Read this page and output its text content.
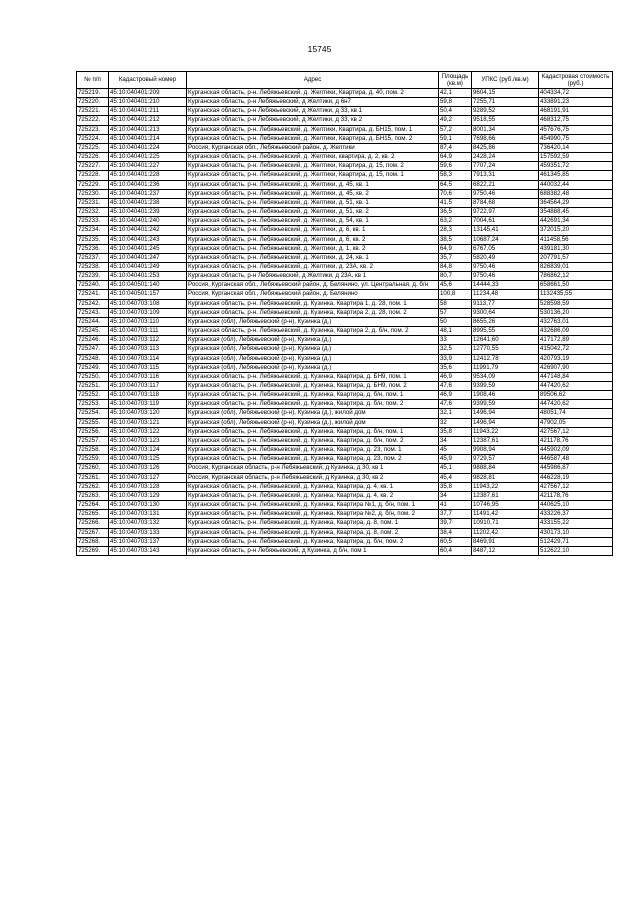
15745
№ п/п	Кадастровый номер	Адрес	Площадь (кв.м)	УПКС (руб./кв.м)	Кадастровая стоимость (руб.)
725219.	45:10:040401:209	Курганская область, р-н. Лебяжьевский, д. Желтики, Квартира, д. 40, пом. 2	42,1	9604,15	404334,72
725220.	45:10:040401:210	Курганская область, р-н Лебяжьевский, д Желтики, д 6н7	59,8	7255,71	433891,23
725221.	45:10:040401:211	Курганская область, р-н Лебяжьевский, д Желтики, д 33, кв 1	50,4	9289,52	468191,91
725222.	45:10:040401:212	Курганская область, р-н Лебяжьевский, д Желтики, д 33, кв 2	49,2	9518,55	468312,75
725223.	45:10:040401:213	Курганская область, р-н. Лебяжьевский, д. Желтики, Квартира, д. БН15, пом. 1	57,2	8001,34	457676,75
725224.	45:10:040401:214	Курганская область, р-н. Лебяжьевский, д. Желтики, Квартира, д. БН15, пом. 2	59,1	7698,66	454990,75
725225.	45:10:040401:224	Россия, Курганская обл., Лебяжьевский район, д. Желтики	87,4	8425,86	736420,14
725226.	45:10:040401:225	Курганская область, р-н. Лебяжьевский, д. Желтики, квартира, д. 2, кв. 2	64,9	2428,24	157592,59
725227.	45:10:040401:227	Курганская область, р-н. Лебяжьевский, д. Желтики, Квартира, д. 15, пом. 2	59,6	7707,24	459351,72
725228.	45:10:040401:228	Курганская область, р-н. Лебяжьевский, д. Желтики, Квартира, д. 15, пом. 1	58,3	7913,31	461345,85
725229.	45:10:040401:236	Курганская область, р-н. Лебяжьевский, д. Желтики, д. 45, кв. 1	64,5	6822,21	440032,44
725230.	45:10:040401:237	Курганская область, р-н. Лебяжьевский, д. Желтики, д. 45, кв. 2	70,6	9750,46	688382,48
725231.	45:10:040401:238	Курганская область, р-н. Лебяжьевский, д. Желтики, д. 51, кв. 1	41,5	8784,68	364564,29
725232.	45:10:040401:239	Курганская область, р-н. Лебяжьевский, д. Желтики, д. 51, кв. 2	36,5	9722,97	354888,45
725233.	45:10:040401:240	Курганская область, р-н. Лебяжьевский, д. Желтики, д. 54, кв. 1	63,2	7004,61	442691,34
725234.	45:10:040401:242	Курганская область, р-н. Лебяжьевский, д. Желтики, д. 6, кв. 1	28,3	13145,41	372015,20
725235.	45:10:040401:243	Курганская область, р-н. Лебяжьевский, д. Желтики, д. 6, кв. 2	38,5	10687,24	411458,56
725236.	45:10:040401:245	Курганская область, р-н. Лебяжьевский, д. Желтики, д. 1, кв. 2	64,9	6767,05	439181,30
725237.	45:10:040401:247	Курганская область, р-н. Лебяжьевский, д. Желтики, д. 24, кв. 1	35,7	5820,49	207791,57
725238.	45:10:040401:249	Курганская область, р-н. Лебяжьевский, д. Желтики, д. 23А, кв. 2	84,8	9750,46	826839,01
725239.	45:10:040401:253	Курганская область, р-н Лебяжьевский, д Желтики, д 23А, кв 1	80,7	9750,46	786862,12
725240.	45:10:040501:140	Россия, Курганская обл., Лебяжьевский район, д. Белянино, ул. Центральная, д. б/н	45,6	14444,33	658661,50
725241.	45:10:040501:157	Россия, Курганская обл., Лебяжьевский район, д. Белянино	100,8	11234,48	1132435,55
725242.	45:10:040703:108	Курганская область, р-н. Лебяжьевский, д. Кузинка, Квартира 1, д. 28, пом. 1	58	9113,77	528598,59
725243.	45:10:040703:109	Курганская область, р-н. Лебяжьевский, д. Кузинка, Квартира 2, д. 28, пом. 2	57	9300,64	530136,20
725244.	45:10:040703:110	Курганская (обл), Лебяжьевский (р-н), Кузинка (д.)	50	8655,26	432763,01
725245.	45:10:040703:111	Курганская область, р-н. Лебяжьевский, д. Кузинка, Квартира 2, д. б/н, пом. 2	48,1	8995,55	432686,09
725246.	45:10:040703:112	Курганская (обл), Лебяжьевский (р-н), Кузинка (д.)	33	12641,60	417172,89
725247.	45:10:040703:113	Курганская (обл), Лебяжьевский (р-н), Кузинка (д.)	32,5	12770,55	415042,72
725248.	45:10:040703:114	Курганская (обл), Лебяжьевский (р-н), Кузинка (д.)	33,9	12412,78	420793,19
725249.	45:10:040703:115	Курганская (обл), Лебяжьевский (р-н), Кузинка (д.)	35,6	11991,79	426907,90
725250.	45:10:040703:116	Курганская область, р-н. Лебяжьевский, д. Кузинка, Квартира, д. БН9, пом. 1	46,9	9534,09	447148,84
725251.	45:10:040703:117	Курганская область, р-н. Лебяжьевский, д. Кузинка, Квартира, д. БН9, пом. 2	47,6	9399,59	447420,62
725252.	45:10:040703:118	Курганская область, р-н. Лебяжьевский, д. Кузинка, Квартира, д. б/н, пом. 1	46,9	1908,46	89506,62
725253.	45:10:040703:119	Курганская область, р-н. Лебяжьевский, д. Кузинка, Квартира, д. б/н, пом. 2	47,6	9399,59	447420,62
725254.	45:10:040703:120	Курганская (обл), Лебяжьевский (р-н), Кузинка (д.), жилой дом	32,1	1496,94	48051,74
725255.	45:10:040703:121	Курганская (обл), Лебяжьевский (р-н), Кузинка (д.), жилой дом	32	1496,94	47902,05
725256.	45:10:040703:122	Курганская область, р-н. Лебяжьевский, д. Кузинка, Квартира, д. б/н, пом. 1	35,8	11943,22	427567,12
725257.	45:10:040703:123	Курганская область, р-н. Лебяжьевский, д. Кузинка, Квартира, д. б/н, пом. 2	34	12387,61	421178,76
725258.	45:10:040703:124	Курганская область, р-н. Лебяжьевский, д. Кузинка, Квартира, д. 23, пом. 1	45	9908,94	445902,09
725259.	45:10:040703:125	Курганская область, р-н. Лебяжьевский, д. Кузинка, Квартира, д. 23, пом. 2	45,9	9729,57	446587,48
725260.	45:10:040703:126	Россия, Курганская область, р-н Лебяжьевский, д Кузинка, д 30, кв 1	45,1	9888,84	445986,87
725261.	45:10:040703:127	Россия, Курганская область, р-н Лебяжьевский, д Кузинка, д 30, кв 2	45,4	9828,81	446228,19
725262.	45:10:040703:128	Курганская область, р-н. Лебяжьевский, д. Кузинка, Квартира, д. 4, кв. 1	35,8	11943,22	427567,12
725263.	45:10:040703:129	Курганская область, р-н. Лебяжьевский, д. Кузинка, Квартира, д. 4, кв. 2	34	12387,61	421178,76
725264.	45:10:040703:130	Курганская область, р-н. Лебяжьевский, д. Кузинка, Квартира №1, д. б/н, пом. 1	41	10746,95	440625,10
725265.	45:10:040703:131	Курганская область, р-н. Лебяжьевский, д. Кузинка, Квартира №2, д. б/н, пом. 2	37,7	11491,42	433226,37
725266.	45:10:040703:132	Курганская область, р-н. Лебяжьевский, д. Кузинка, Квартира, д. 8, пом. 1	39,7	10910,71	433155,22
725267.	45:10:040703:133	Курганская область, р-н. Лебяжьевский, д. Кузинка, Квартира, д. 8, пом. 2	38,4	11202,42	430173,10
725268.	45:10:040703:137	Курганская область, р-н. Лебяжьевский, д. Кузинка, Квартира, д. б/н, пом. 2	60,5	8469,91	512429,71
725269.	45:10:040703:143	Курганская область, р-н Лебяжьевский, д Кузинка, д б/н, пом 1	60,4	8487,12	512622,10
